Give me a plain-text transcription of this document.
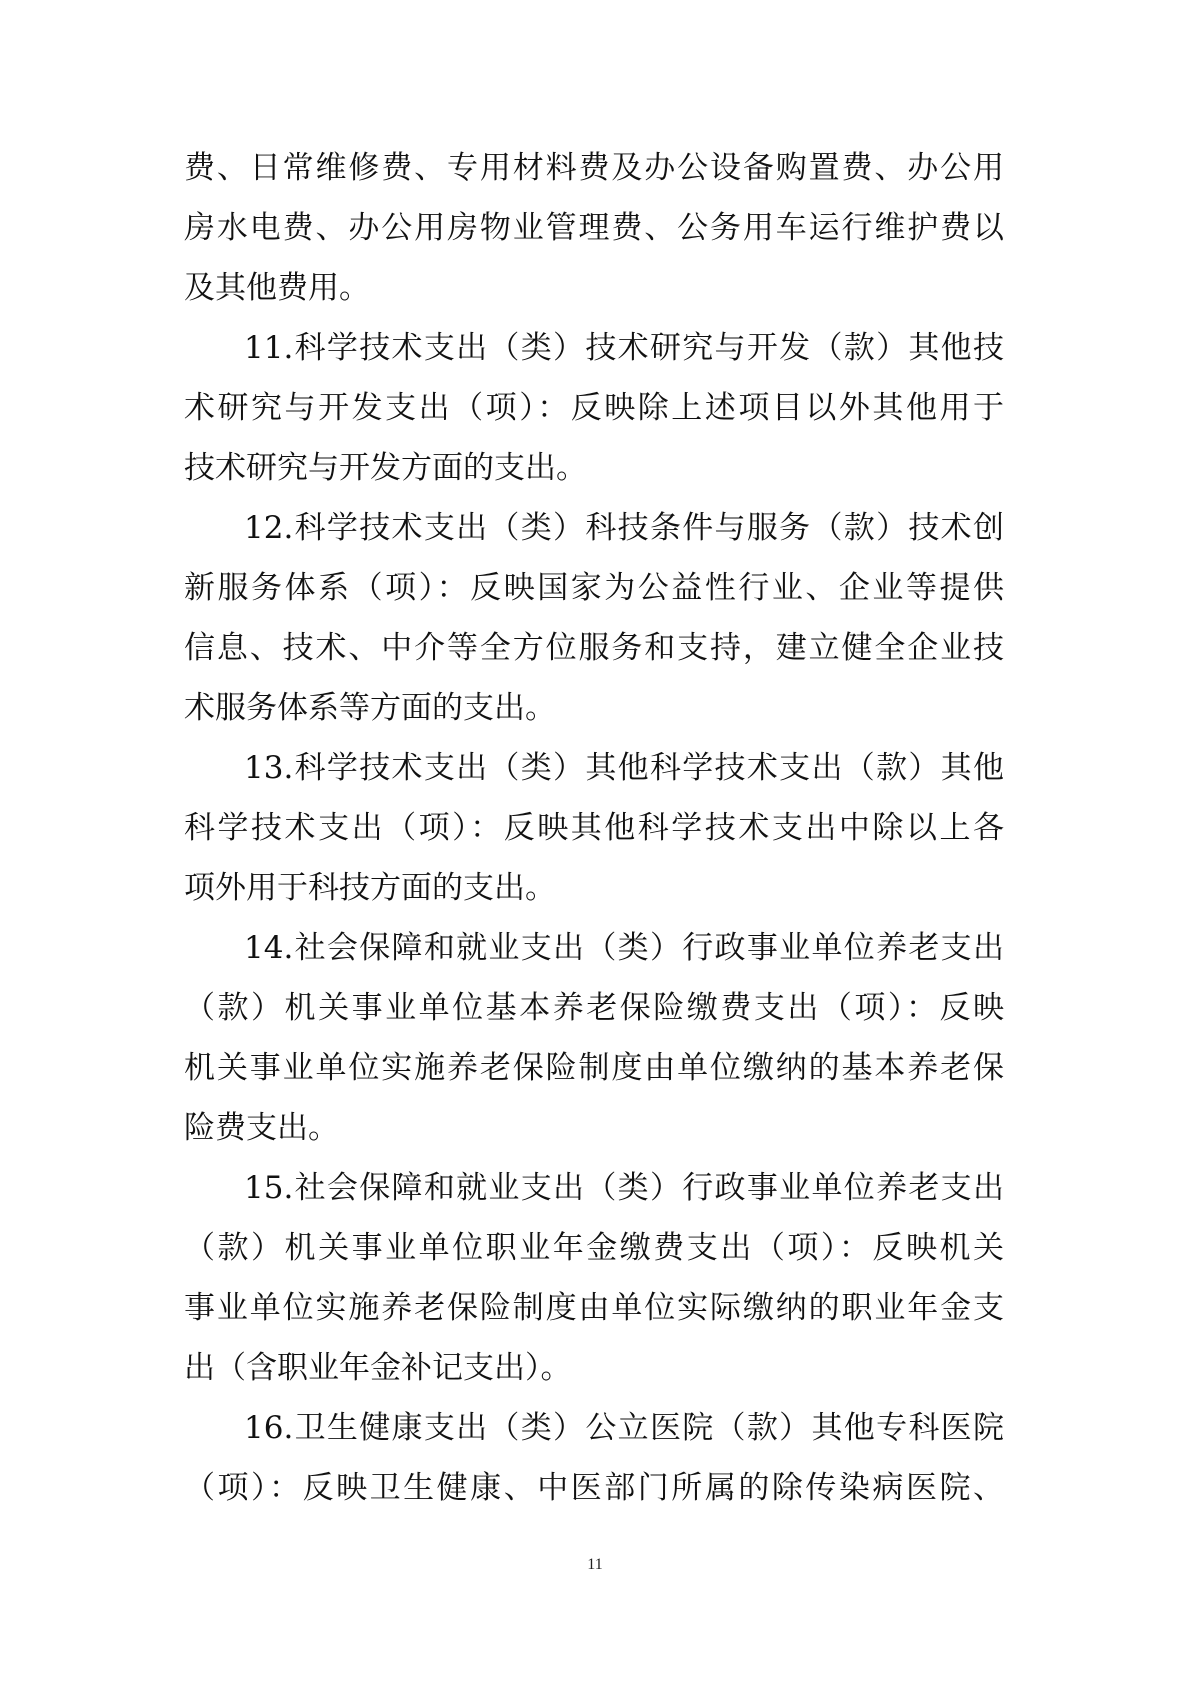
费、日常维修费、专用材料费及办公设备购置费、办公用
房水电费、办公用房物业管理费、公务用车运行维护费以
及其他费用。
11.科学技术支出（类）技术研究与开发（款）其他技
术研究与开发支出（项）：反映除上述项目以外其他用于
技术研究与开发方面的支出。
12.科学技术支出（类）科技条件与服务（款）技术创
新服务体系（项）：反映国家为公益性行业、企业等提供
信息、技术、中介等全方位服务和支持，建立健全企业技
术服务体系等方面的支出。
13.科学技术支出（类）其他科学技术支出（款）其他
科学技术支出（项）：反映其他科学技术支出中除以上各
项外用于科技方面的支出。
14.社会保障和就业支出（类）行政事业单位养老支出
（款）机关事业单位基本养老保险缴费支出（项）：反映
机关事业单位实施养老保险制度由单位缴纳的基本养老保
险费支出。
15.社会保障和就业支出（类）行政事业单位养老支出
（款）机关事业单位职业年金缴费支出（项）：反映机关
事业单位实施养老保险制度由单位实际缴纳的职业年金支
出（含职业年金补记支出）。
16.卫生健康支出（类）公立医院（款）其他专科医院
（项）：反映卫生健康、中医部门所属的除传染病医院、
11
